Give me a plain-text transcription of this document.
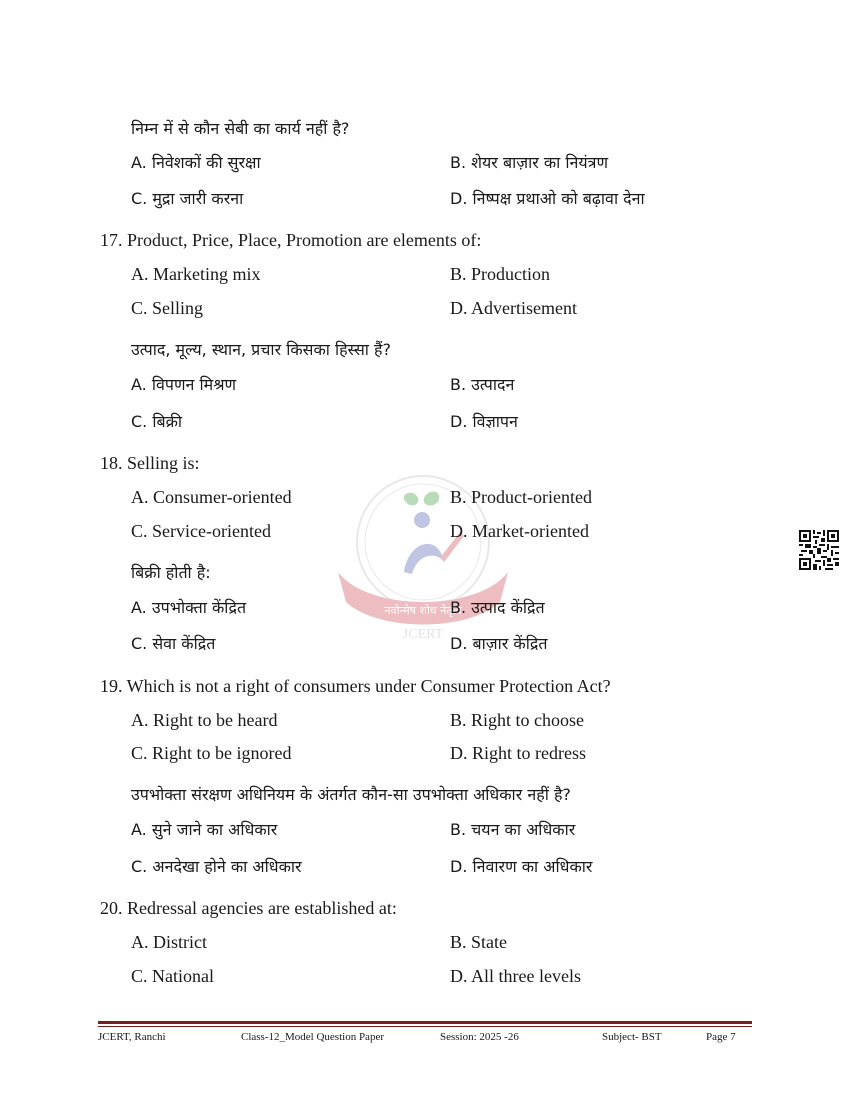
नवोन्मेष शोध नेतृत्व
JCERT
निम्न में से कौन सेबी का कार्य नहीं है?
A. निवेशकों की सुरक्षा	B. शेयर बाज़ार का नियंत्रण
C. मुद्रा जारी करना	D. निष्पक्ष प्रथाओ को बढ़ावा देना
17. Product, Price, Place, Promotion are elements of:
A. Marketing mix	B. Production
C. Selling	D. Advertisement
उत्पाद, मूल्य, स्थान, प्रचार किसका हिस्सा हैं?
A. विपणन मिश्रण	B. उत्पादन
C. बिक्री	D. विज्ञापन
18. Selling is:
A. Consumer-oriented	B. Product-oriented
C. Service-oriented	D. Market-oriented
बिक्री होती है:
A. उपभोक्ता केंद्रित	B. उत्पाद केंद्रित
C. सेवा केंद्रित	D. बाज़ार केंद्रित
19. Which is not a right of consumers under Consumer Protection Act?
A. Right to be heard	B. Right to choose
C. Right to be ignored	D. Right to redress
उपभोक्ता संरक्षण अधिनियम के अंतर्गत कौन-सा उपभोक्ता अधिकार नहीं है?
A. सुने जाने का अधिकार	B. चयन का अधिकार
C. अनदेखा होने का अधिकार	D. निवारण का अधिकार
20. Redressal agencies are established at:
A. District	B. State
C. National	D. All three levels
JCERT, Ranchi	Class-12_Model Question Paper	Session: 2025 -26	Subject- BST	Page 7
